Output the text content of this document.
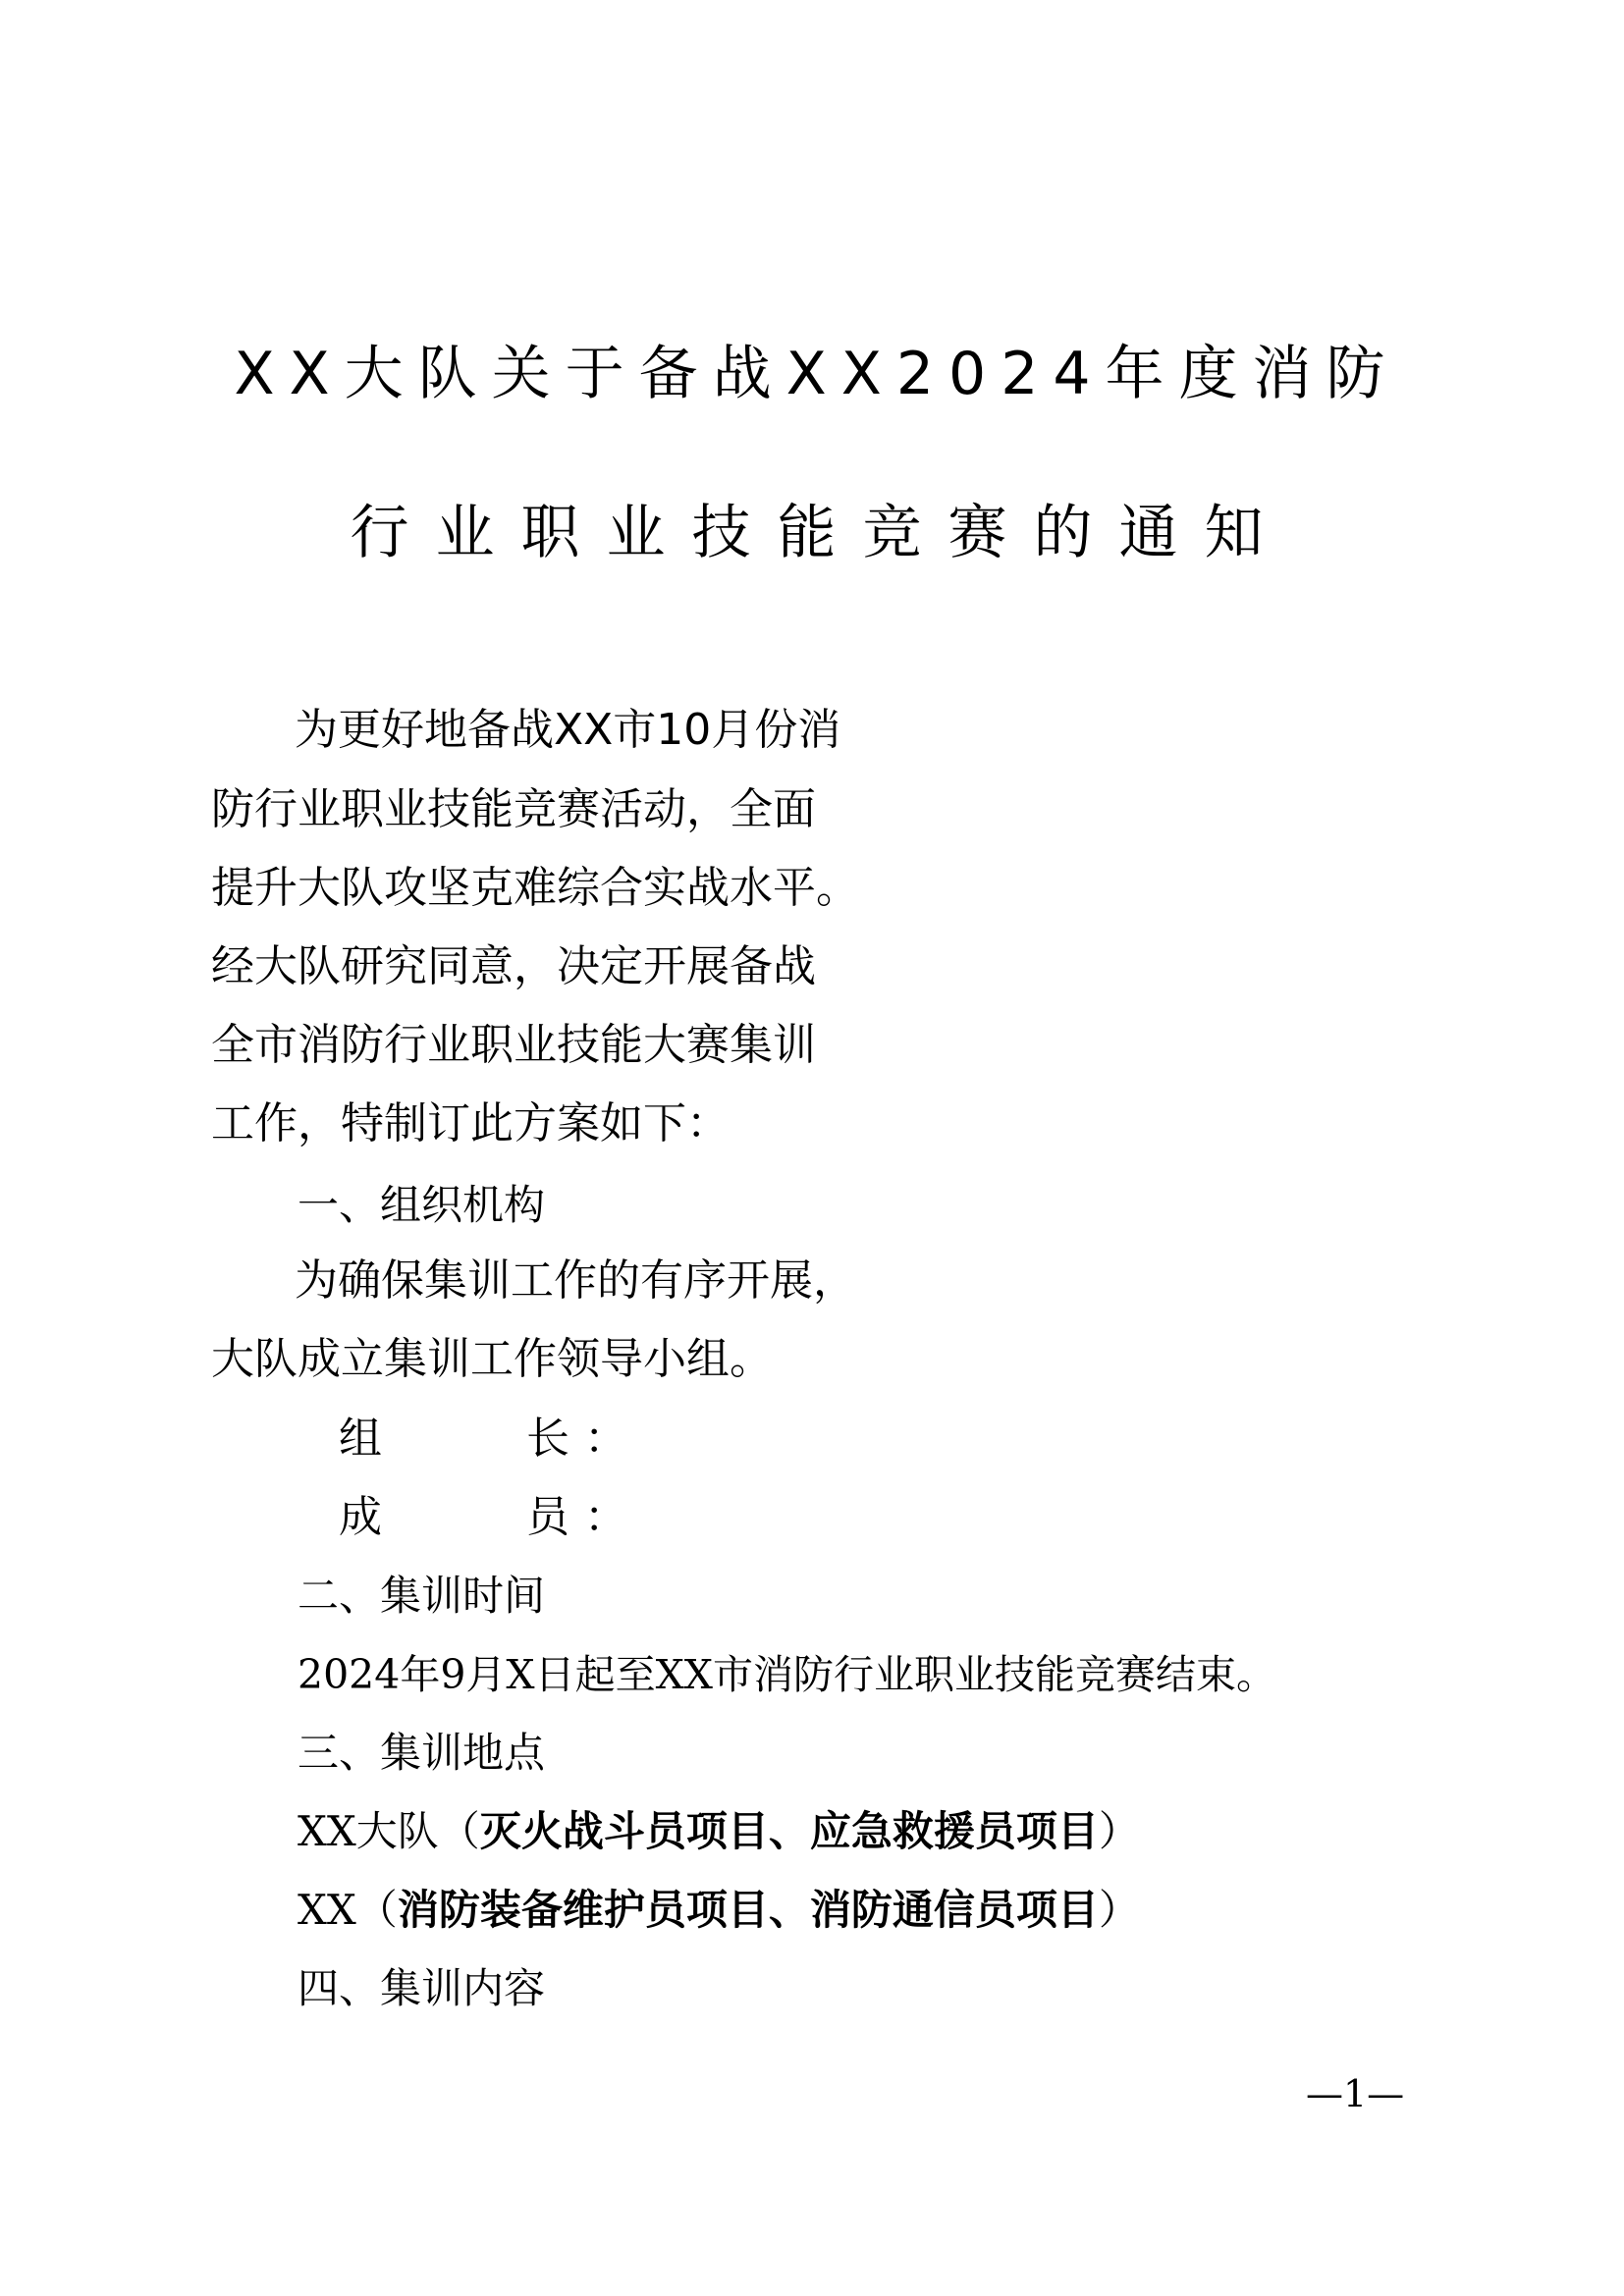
XX大队关于备战XX2024年度消防
行业职业技能竞赛的通知
为更好地备战XX市10月份消
防行业职业技能竞赛活动，全面
提升大队攻坚克难综合实战水平。
经大队研究同意，决定开展备战
全市消防行业职业技能大赛集训
工作，特制订此方案如下：
一、组织机构
为确保集训工作的有序开展，
大队成立集训工作领导小组。
组长 ：
成员 ：
二、集训时间
2024年9月X日起至XX市消防行业职业技能竞赛结束。
三、集训地点
XX大队（灭火战斗员项目、应急救援员项目）
XX（消防装备维护员项目、消防通信员项目）
四、集训内容
—1—
